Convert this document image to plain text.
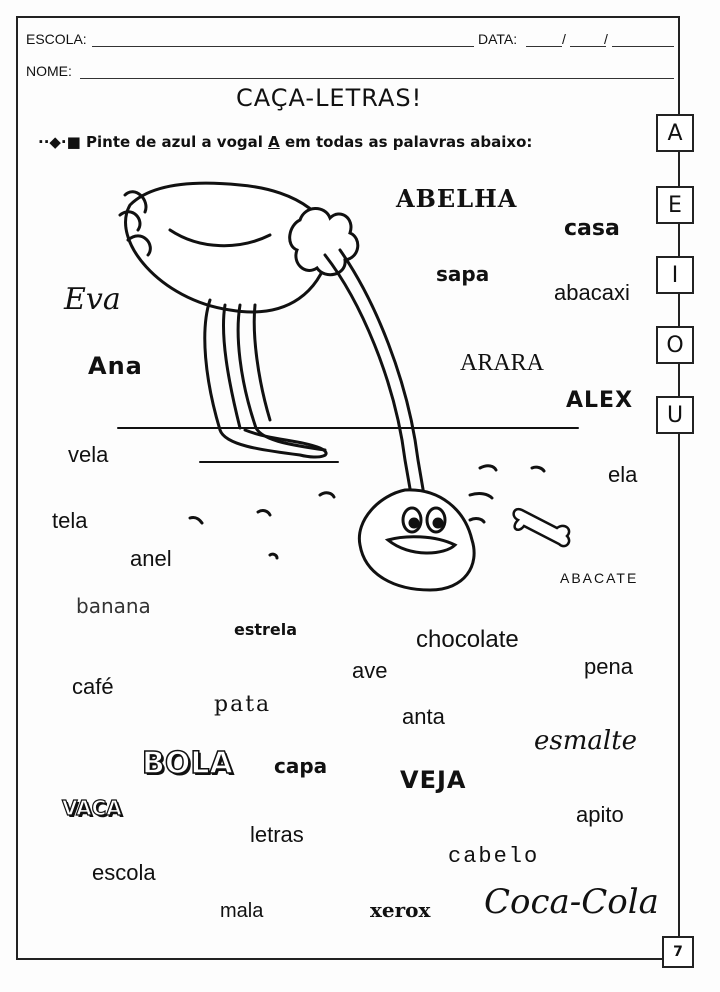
ESCOLA:	DATA:	/	/
NOME:
CAÇA-LETRAS!
··◆·■ Pinte de azul a vogal A em todas as palavras abaixo:	A
E
I
O
U
ABELHA
casa
sapa
abacaxi
Eva
Ana	ARARA
ALEX
vela
ela
tela
anel
ABACATE
banana
estrela	chocolate
ave	pena
café
pata	anta
esmalte
BOLA capa	VEJA
VACA	apito
letras
cabelo
escola
mala	xerox Coca-Cola
7
